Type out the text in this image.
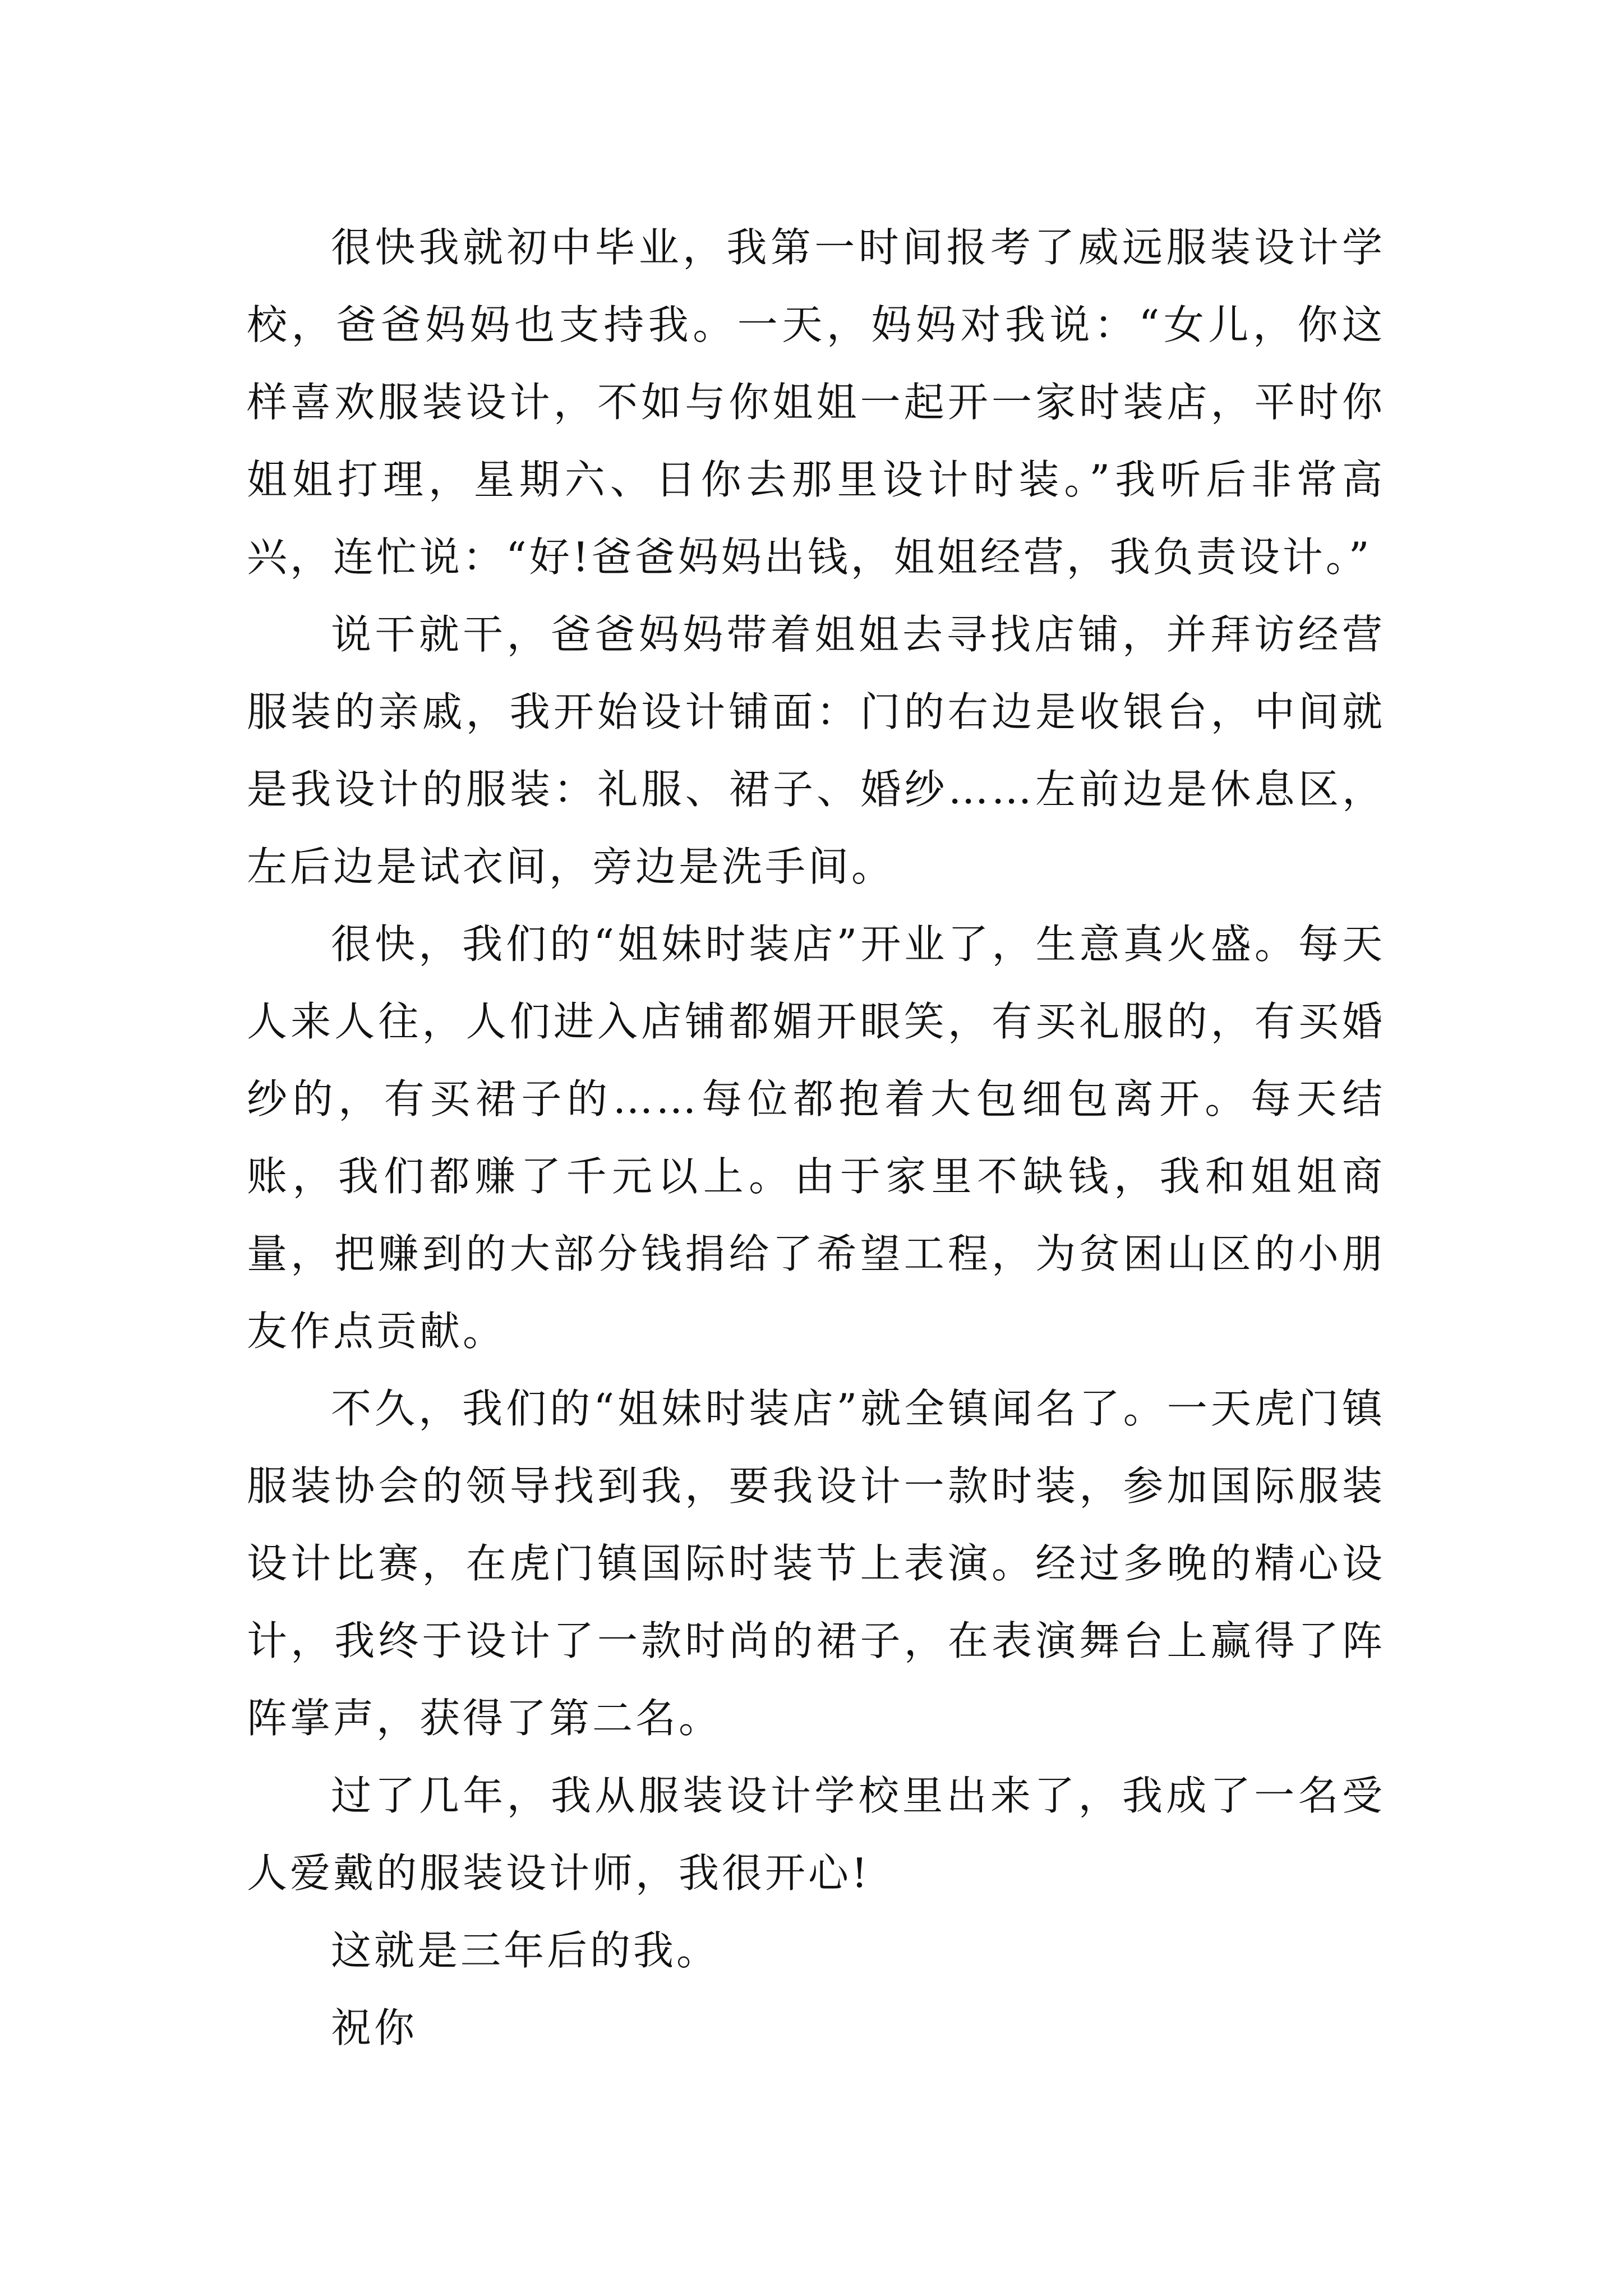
很快我就初中毕业，我第一时间报考了威远服装设计学校，爸爸妈妈也支持我。一天，妈妈对我说：“女儿，你这样喜欢服装设计，不如与你姐姐一起开一家时装店，平时你姐姐打理，星期六、日你去那里设计时装。”我听后非常高兴，连忙说：“好!爸爸妈妈出钱，姐姐经营，我负责设计。”

说干就干，爸爸妈妈带着姐姐去寻找店铺，并拜访经营服装的亲戚，我开始设计铺面：门的右边是收银台，中间就是我设计的服装：礼服、裙子、婚纱……左前边是休息区，左后边是试衣间，旁边是洗手间。

很快，我们的“姐妹时装店”开业了，生意真火盛。每天人来人往，人们进入店铺都媚开眼笑，有买礼服的，有买婚纱的，有买裙子的……每位都抱着大包细包离开。每天结账，我们都赚了千元以上。由于家里不缺钱，我和姐姐商量，把赚到的大部分钱捐给了希望工程，为贫困山区的小朋友作点贡献。

不久，我们的“姐妹时装店”就全镇闻名了。一天虎门镇服装协会的领导找到我，要我设计一款时装，参加国际服装设计比赛，在虎门镇国际时装节上表演。经过多晚的精心设计，我终于设计了一款时尚的裙子，在表演舞台上赢得了阵阵掌声，获得了第二名。

过了几年，我从服装设计学校里出来了，我成了一名受人爱戴的服装设计师，我很开心!

这就是三年后的我。

祝你
